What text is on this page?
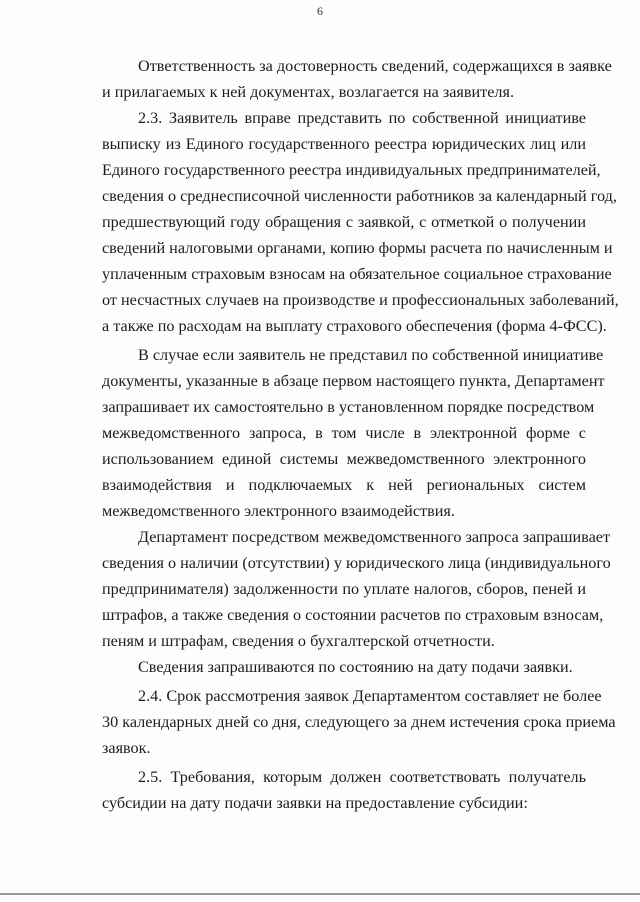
6
Ответственность за достоверность сведений, содержащихся в заявке
и прилагаемых к ней документах, возлагается на заявителя.
2.3. Заявитель вправе представить по собственной инициативе
выписку из Единого государственного реестра юридических лиц или
Единого государственного реестра индивидуальных предпринимателей,
сведения о среднесписочной численности работников за календарный год,
предшествующий году обращения с заявкой, с отметкой о получении
сведений налоговыми органами, копию формы расчета по начисленным и
уплаченным страховым взносам на обязательное социальное страхование
от несчастных случаев на производстве и профессиональных заболеваний,
а также по расходам на выплату страхового обеспечения (форма 4-ФСС).
В случае если заявитель не представил по собственной инициативе
документы, указанные в абзаце первом настоящего пункта, Департамент
запрашивает их самостоятельно в установленном порядке посредством
межведомственного запроса, в том числе в электронной форме с
использованием единой системы межведомственного электронного
взаимодействия и подключаемых к ней региональных систем
межведомственного электронного взаимодействия.
Департамент посредством межведомственного запроса запрашивает
сведения о наличии (отсутствии) у юридического лица (индивидуального
предпринимателя) задолженности по уплате налогов, сборов, пеней и
штрафов, а также сведения о состоянии расчетов по страховым взносам,
пеням и штрафам, сведения о бухгалтерской отчетности.
Сведения запрашиваются по состоянию на дату подачи заявки.
2.4. Срок рассмотрения заявок Департаментом составляет не более
30 календарных дней со дня, следующего за днем истечения срока приема
заявок.
2.5. Требования, которым должен соответствовать получатель
субсидии на дату подачи заявки на предоставление субсидии:
